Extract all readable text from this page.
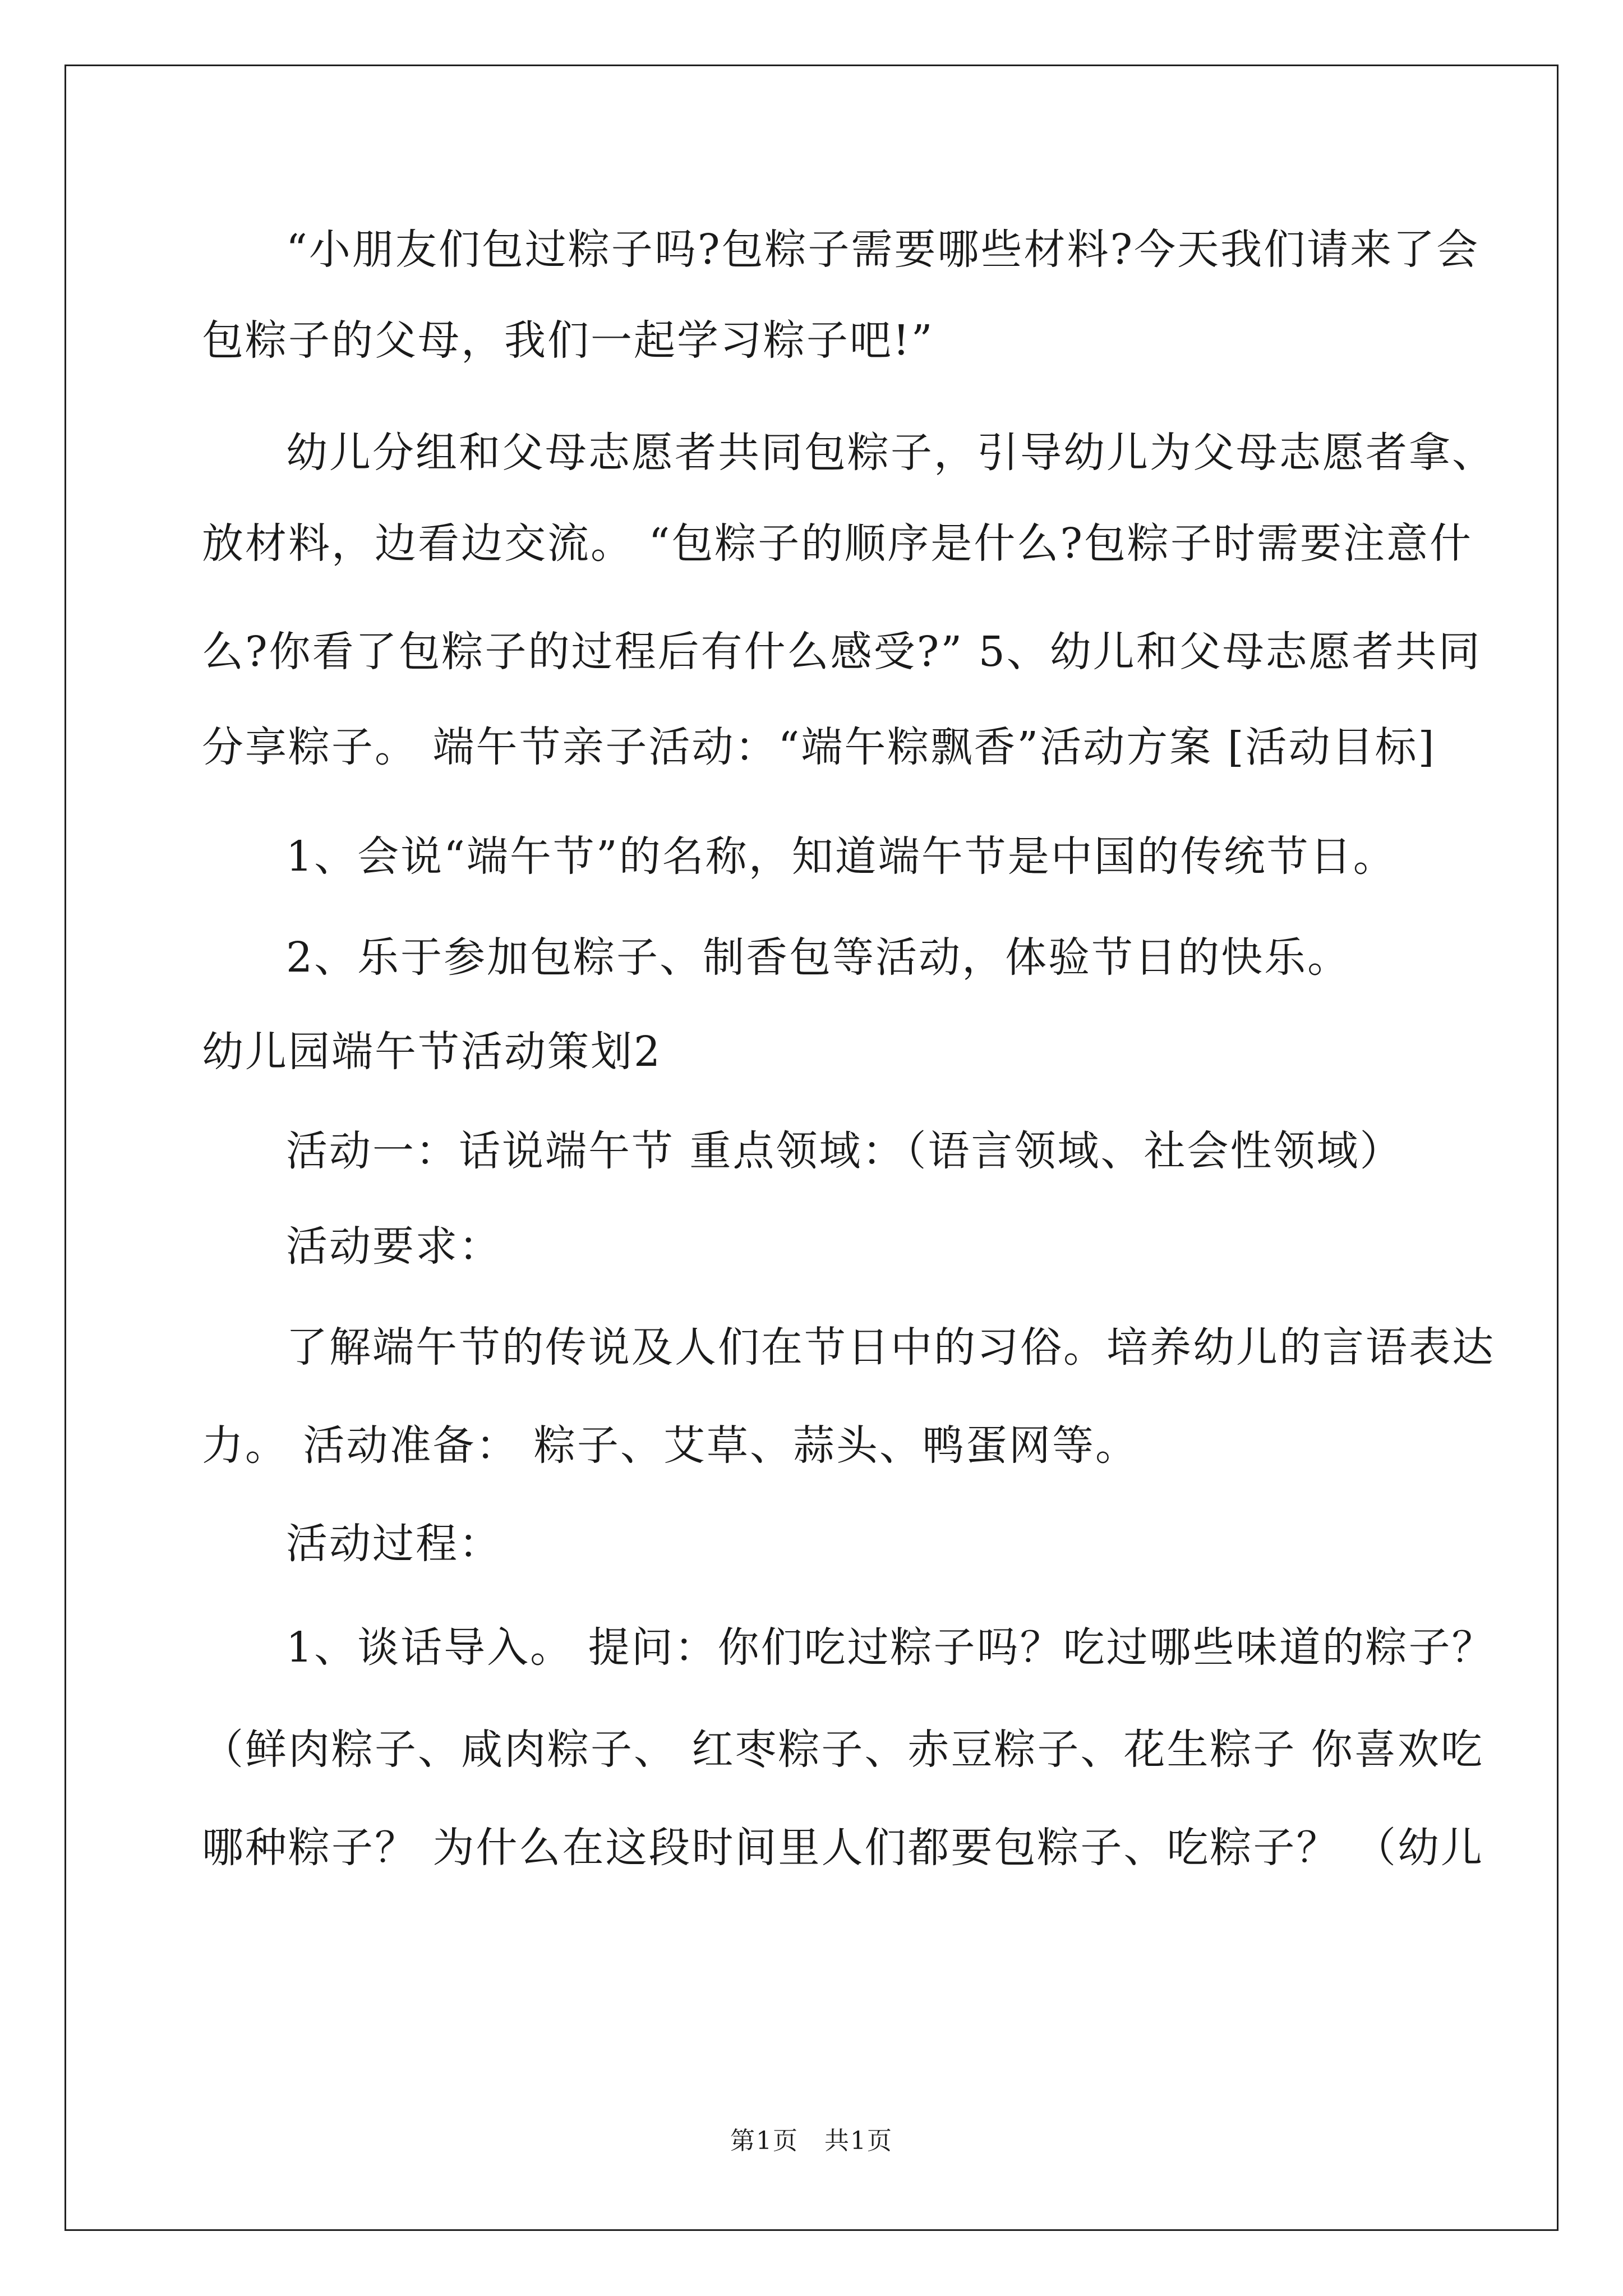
“小朋友们包过粽子吗?包粽子需要哪些材料?今天我们请来了会
包粽子的父母，我们一起学习粽子吧!”
幼儿分组和父母志愿者共同包粽子，引导幼儿为父母志愿者拿、
放材料，边看边交流。 “包粽子的顺序是什么?包粽子时需要注意什
么?你看了包粽子的过程后有什么感受?” 5、幼儿和父母志愿者共同
分享粽子。 端午节亲子活动：“端午粽飘香”活动方案 [活动目标]
1、会说“端午节”的名称，知道端午节是中国的传统节日。
2、乐于参加包粽子、制香包等活动，体验节日的快乐。
幼儿园端午节活动策划2
活动一：话说端午节 重点领域：（语言领域、社会性领域）
活动要求：
了解端午节的传说及人们在节日中的习俗。培养幼儿的言语表达
力。 活动准备： 粽子、艾草、蒜头、鸭蛋网等。
活动过程：
1、谈话导入。 提问：你们吃过粽子吗？吃过哪些味道的粽子？
（鲜肉粽子、咸肉粽子、 红枣粽子、赤豆粽子、花生粽子 你喜欢吃
哪种粽子？ 为什么在这段时间里人们都要包粽子、吃粽子？ （幼儿
第1页　共1页
